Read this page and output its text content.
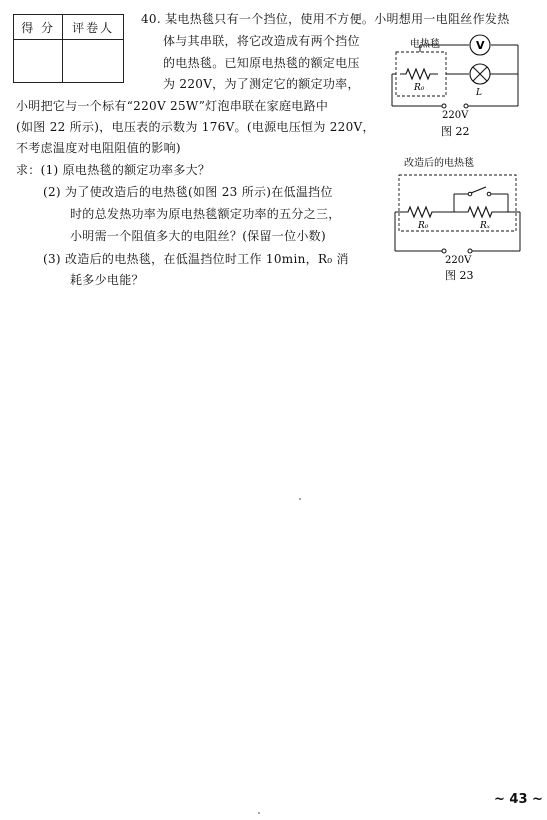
得 分	评卷人

40. 某电热毯只有一个挡位，使用不方便。小明想用一电阻丝作发热
体与其串联，将它改造成有两个挡位
的电热毯。已知原电热毯的额定电压
为 220V，为了测定它的额定功率，
小明把它与一个标有“220V 25W”灯泡串联在家庭电路中
(如图 22 所示)，电压表的示数为 176V。(电源电压恒为 220V，
不考虑温度对电阻阻值的影响)
求：(1) 原电热毯的额定功率多大？
(2) 为了使改造后的电热毯(如图 23 所示)在低温挡位
时的总发热功率为原电热毯额定功率的五分之三，
小明需一个阻值多大的电阻丝？(保留一位小数)
(3) 改造后的电热毯，在低温挡位时工作 10min，R₀ 消
耗多少电能？
电热毯
R₀
V
L
220V
图 22
改造后的电热毯
R₀	Rₓ
220V
图 23
~ 43 ~
